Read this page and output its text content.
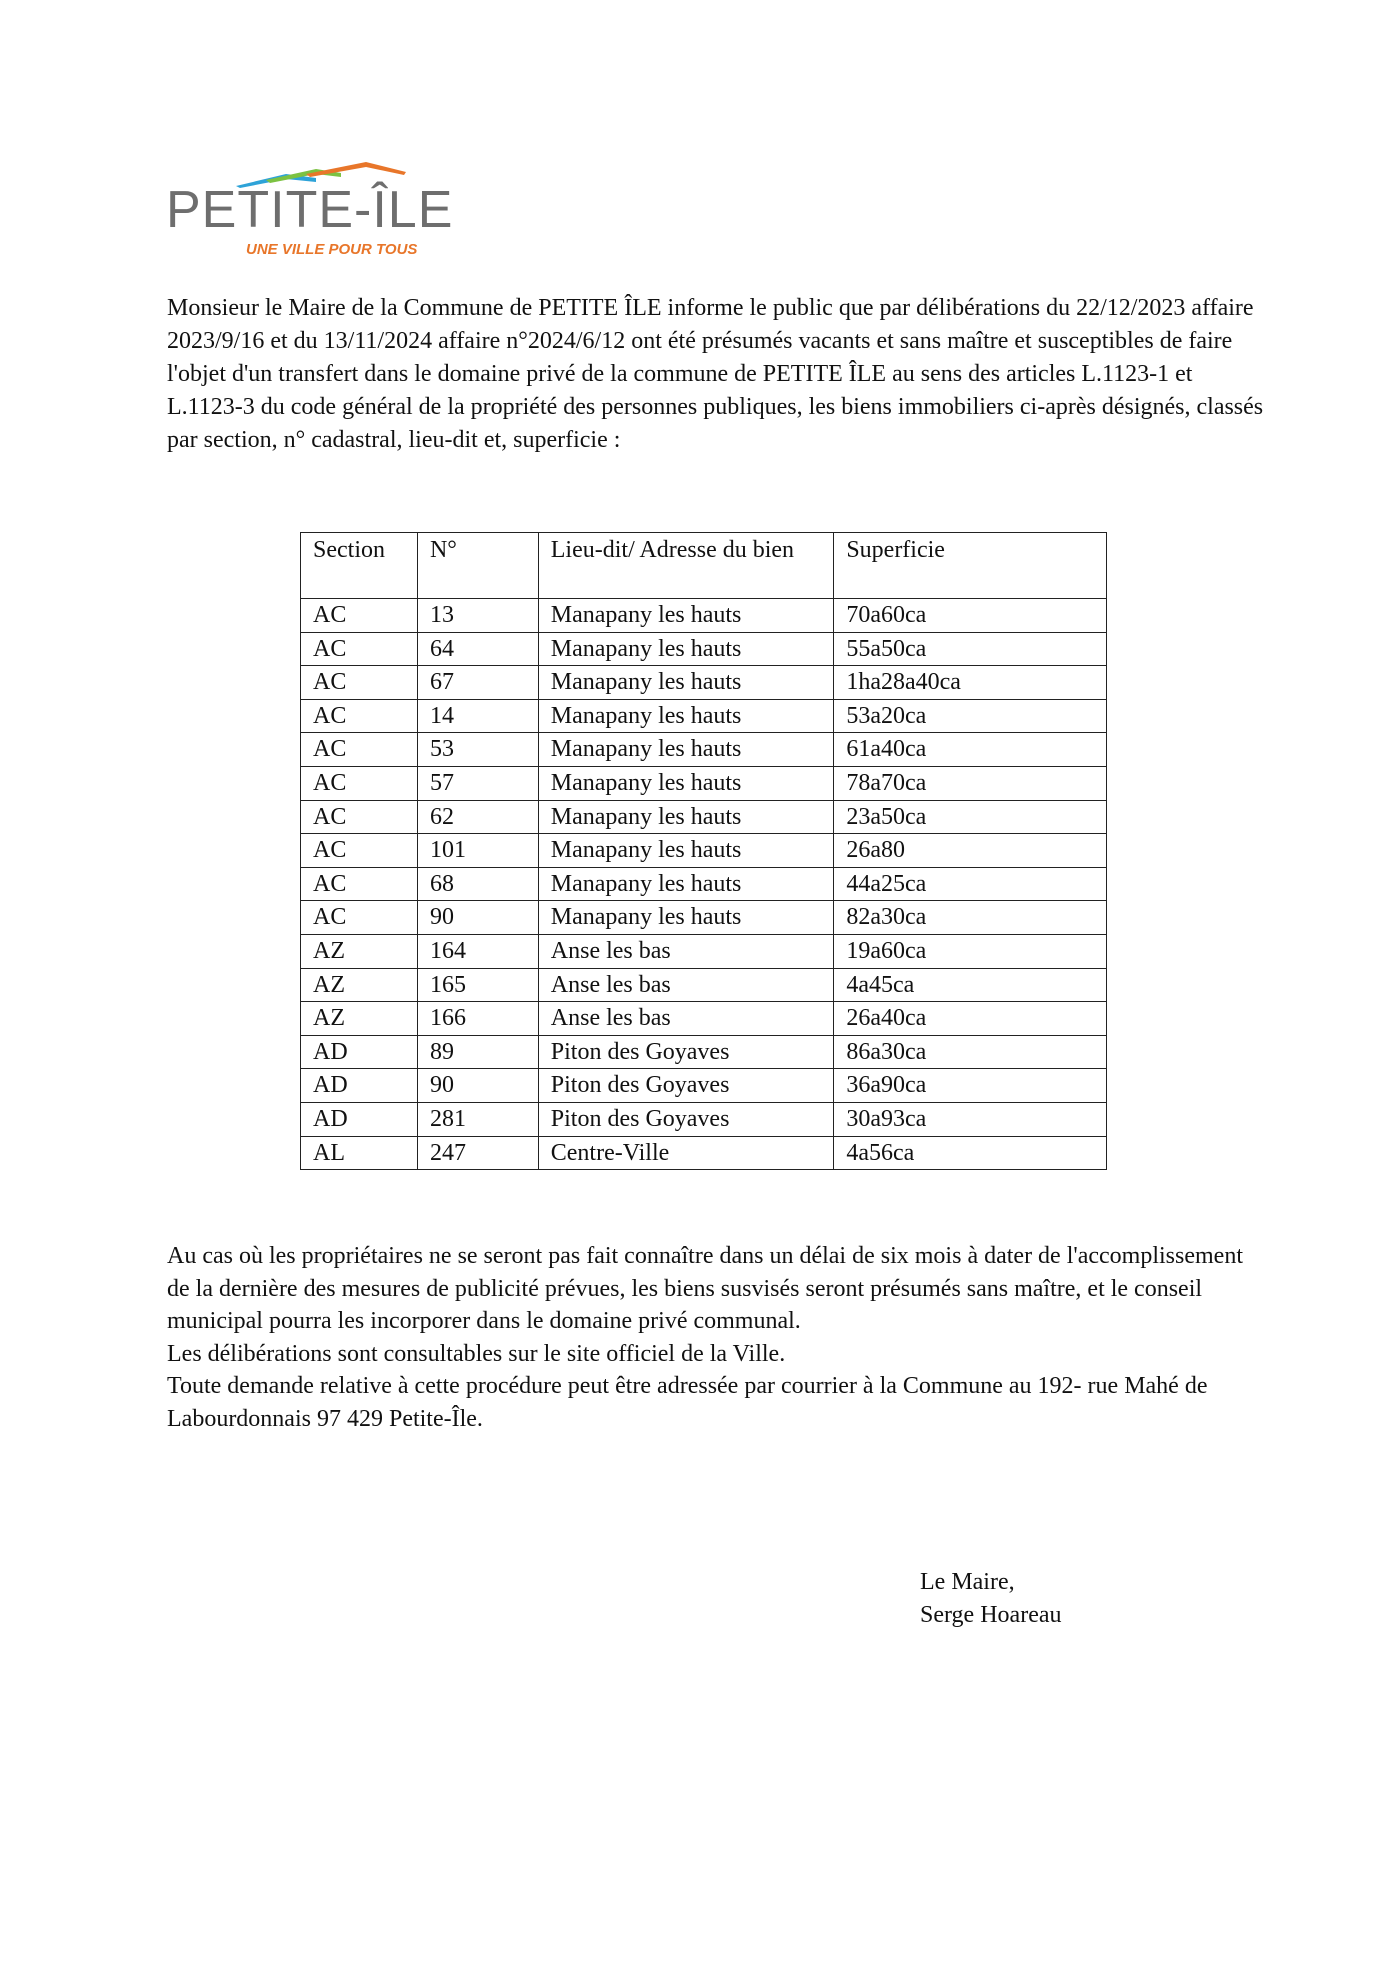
PETITE-ÎLE
UNE VILLE POUR TOUS

Monsieur le Maire de la Commune de PETITE ÎLE informe le public que par délibérations du 22/12/2023 affaire 2023/9/16 et du 13/11/2024 affaire n°2024/6/12 ont été présumés vacants et sans maître et susceptibles de faire l'objet d'un transfert dans le domaine privé de la commune de PETITE ÎLE au sens des articles L.1123-1 et L.1123-3 du code général de la propriété des personnes publiques, les biens immobiliers ci-après désignés, classés par section, n° cadastral, lieu-dit et, superficie :

Section	N°	Lieu-dit/ Adresse du bien	Superficie
AC	13	Manapany les hauts	70a60ca
AC	64	Manapany les hauts	55a50ca
AC	67	Manapany les hauts	1ha28a40ca
AC	14	Manapany les hauts	53a20ca
AC	53	Manapany les hauts	61a40ca
AC	57	Manapany les hauts	78a70ca
AC	62	Manapany les hauts	23a50ca
AC	101	Manapany les hauts	26a80
AC	68	Manapany les hauts	44a25ca
AC	90	Manapany les hauts	82a30ca
AZ	164	Anse les bas	19a60ca
AZ	165	Anse les bas	4a45ca
AZ	166	Anse les bas	26a40ca
AD	89	Piton des Goyaves	86a30ca
AD	90	Piton des Goyaves	36a90ca
AD	281	Piton des Goyaves	30a93ca
AL	247	Centre-Ville	4a56ca

Au cas où les propriétaires ne se seront pas fait connaître dans un délai de six mois à dater de l'accomplissement de la dernière des mesures de publicité prévues, les biens susvisés seront présumés sans maître, et le conseil municipal pourra les incorporer dans le domaine privé communal.

Les délibérations sont consultables sur le site officiel de la Ville.

Toute demande relative à cette procédure peut être adressée par courrier à la Commune au 192- rue Mahé de Labourdonnais 97 429 Petite-Île.

Le Maire,
Serge Hoareau
